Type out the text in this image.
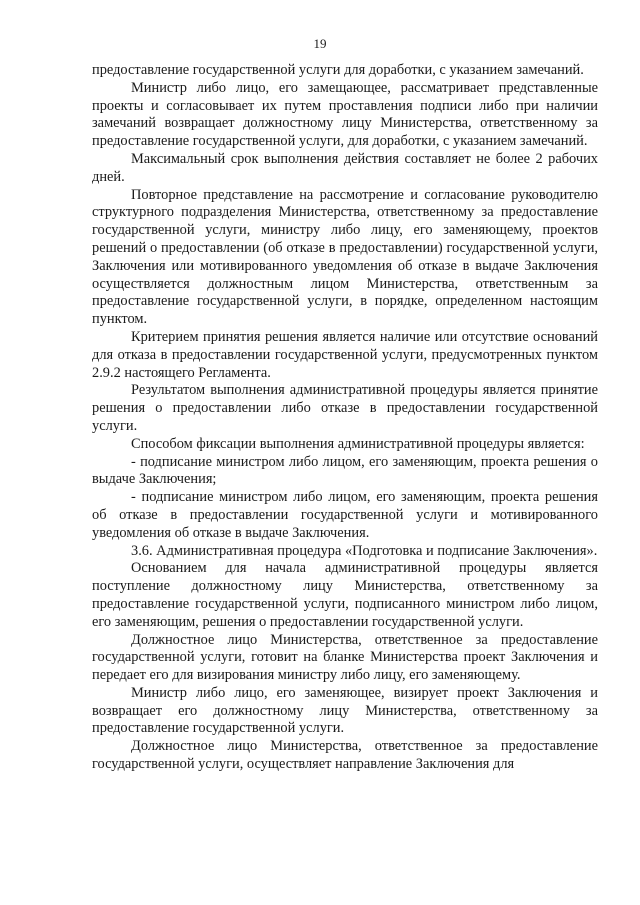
19

предоставление государственной услуги для доработки, с указанием замечаний.

Министр либо лицо, его замещающее, рассматривает представленные проекты и согласовывает их путем проставления подписи либо при наличии замечаний возвращает должностному лицу Министерства, ответственному за предоставление государственной услуги, для доработки, с указанием замечаний.

Максимальный срок выполнения действия составляет не более 2 рабочих дней.

Повторное представление на рассмотрение и согласование руководителю структурного подразделения Министерства, ответственному за предоставление государственной услуги, министру либо лицу, его заменяющему, проектов решений о предоставлении (об отказе в предоставлении) государственной услуги, Заключения или мотивированного уведомления об отказе в выдаче Заключения осуществляется должностным лицом Министерства, ответственным за предоставление государственной услуги, в порядке, определенном настоящим пунктом.

Критерием принятия решения является наличие или отсутствие оснований для отказа в предоставлении государственной услуги, предусмотренных пунктом 2.9.2 настоящего Регламента.

Результатом выполнения административной процедуры является принятие решения о предоставлении либо отказе в предоставлении государственной услуги.

Способом фиксации выполнения административной процедуры является:

- подписание министром либо лицом, его заменяющим, проекта решения о выдаче Заключения;

- подписание министром либо лицом, его заменяющим, проекта решения об отказе в предоставлении государственной услуги и мотивированного уведомления об отказе в выдаче Заключения.

3.6. Административная процедура «Подготовка и подписание Заключения».

Основанием для начала административной процедуры является поступление должностному лицу Министерства, ответственному за предоставление государственной услуги, подписанного министром либо лицом, его заменяющим, решения о предоставлении государственной услуги.

Должностное лицо Министерства, ответственное за предоставление государственной услуги, готовит на бланке Министерства проект Заключения и передает его для визирования министру либо лицу, его заменяющему.

Министр либо лицо, его заменяющее, визирует проект Заключения и возвращает его должностному лицу Министерства, ответственному за предоставление государственной услуги.

Должностное лицо Министерства, ответственное за предоставление государственной услуги, осуществляет направление Заключения для
